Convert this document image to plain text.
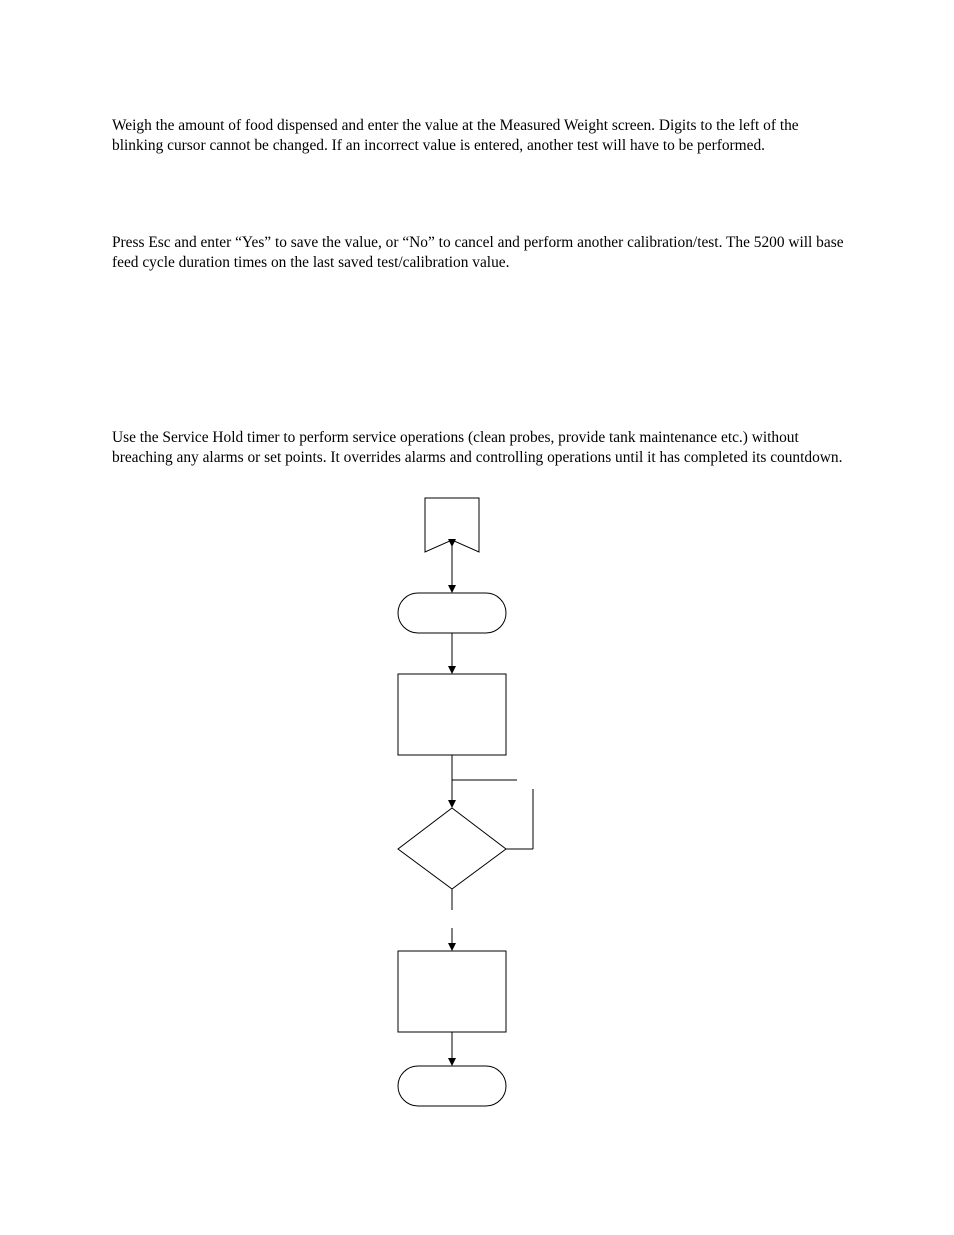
Weigh the amount of food dispensed and enter the value at the Measured Weight screen. Digits to the left of the blinking cursor cannot be changed. If an incorrect value is entered, another test will have to be performed.

Press Esc and enter “Yes” to save the value, or “No” to cancel and perform another calibration/test. The 5200 will base feed cycle duration times on the last saved test/calibration value.

Use the Service Hold timer to perform service operations (clean probes, provide tank maintenance etc.) without breaching any alarms or set points. It overrides alarms and controlling operations until it has completed its countdown.
